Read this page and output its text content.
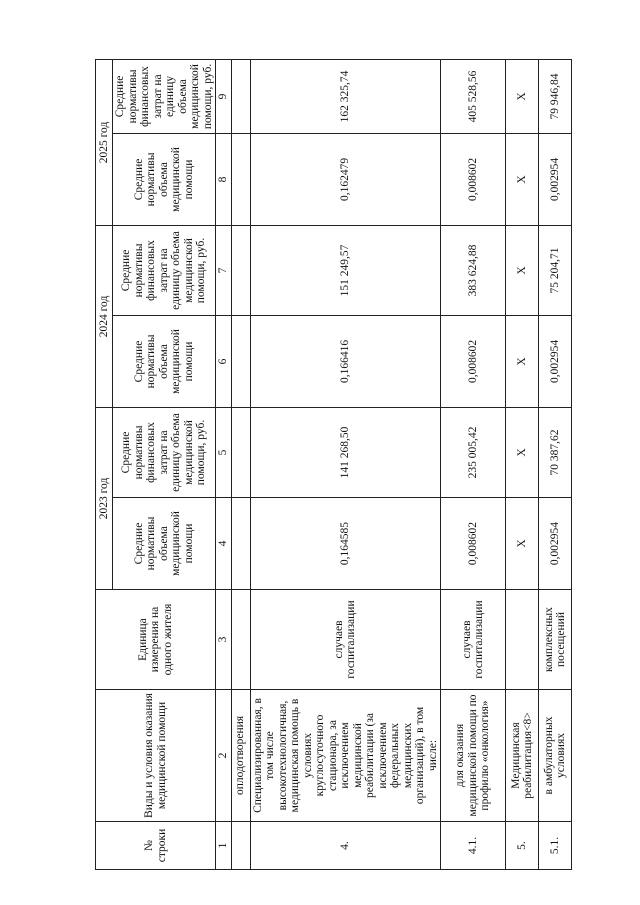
№ строки	Виды и условия оказания медицинской помощи	Единица измерения на одного жителя	2023 год		2024 год		2025 год	
			Средние нормативы объема медицинской помощи	Средние нормативы финансовых затрат на единицу объема медицинской помощи, руб.	Средние нормативы объема медицинской помощи	Средние нормативы финансовых затрат на единицу объема медицинской помощи, руб.	Средние нормативы объема медицинской помощи	Средние нормативы финансовых затрат на единицу объема медицинской помощи, руб.
1	2	3	4	5	6	7	8	9
	оплодотворения							
4.	Специализированная, в том числе высокотехнологичная, медицинская помощь в условиях круглосуточного стационара, за исключением медицинской реабилитации (за исключением федеральных медицинских организаций), в том числе:	случаев госпитализации	0,164585	141 268,50	0,166416	151 249,57	0,162479	162 325,74
4.1.	для оказания медицинской помощи по профилю «онкология»	случаев госпитализации	0,008602	235 005,42	0,008602	383 624,88	0,008602	405 528,56
5.	Медицинская реабилитация<8>		Х	Х	Х	Х	Х	Х
5.1.	в амбулаторных условиях	комплексных посещений	0,002954	70 387,62	0,002954	75 204,71	0,002954	79 946,84
